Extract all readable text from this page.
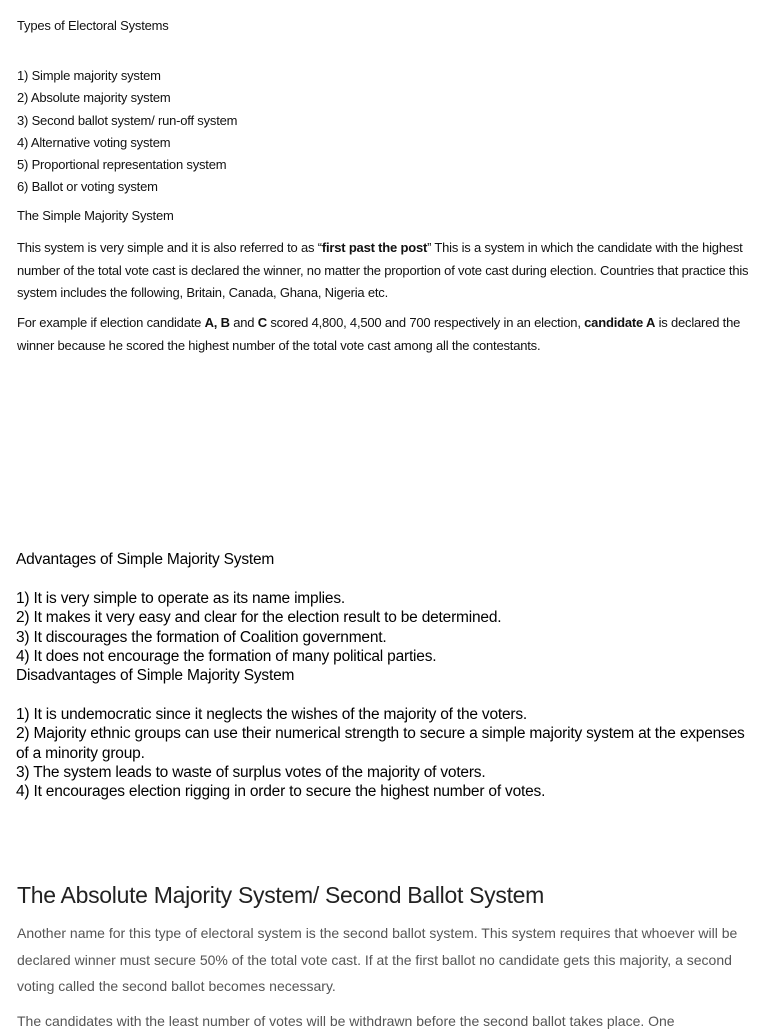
Types of Electoral Systems
1) Simple majority system
2) Absolute majority system
3) Second ballot system/ run-off system
4) Alternative voting system
5) Proportional representation system
6) Ballot or voting system
The Simple Majority System
This system is very simple and it is also referred to as “first past the post” This is a system in which the candidate with the highest number of the total vote cast is declared the winner, no matter the proportion of vote cast during election. Countries that practice this system includes the following, Britain, Canada, Ghana, Nigeria etc.
For example if election candidate A, B and C scored 4,800, 4,500 and 700 respectively in an election, candidate A is declared the winner because he scored the highest number of the total vote cast among all the contestants.
Advantages of Simple Majority System
1) It is very simple to operate as its name implies.
2) It makes it very easy and clear for the election result to be determined.
3) It discourages the formation of Coalition government.
4) It does not encourage the formation of many political parties.
Disadvantages of Simple Majority System
1) It is undemocratic since it neglects the wishes of the majority of the voters.
2) Majority ethnic groups can use their numerical strength to secure a simple majority system at the expenses of a minority group.
3) The system leads to waste of surplus votes of the majority of voters.
4) It encourages election rigging in order to secure the highest number of votes.
The Absolute Majority System/ Second Ballot System
Another name for this type of electoral system is the second ballot system. This system requires that whoever will be declared winner must secure 50% of the total vote cast. If at the first ballot no candidate gets this majority, a second voting called the second ballot becomes necessary.
The candidates with the least number of votes will be withdrawn before the second ballot takes place. One
